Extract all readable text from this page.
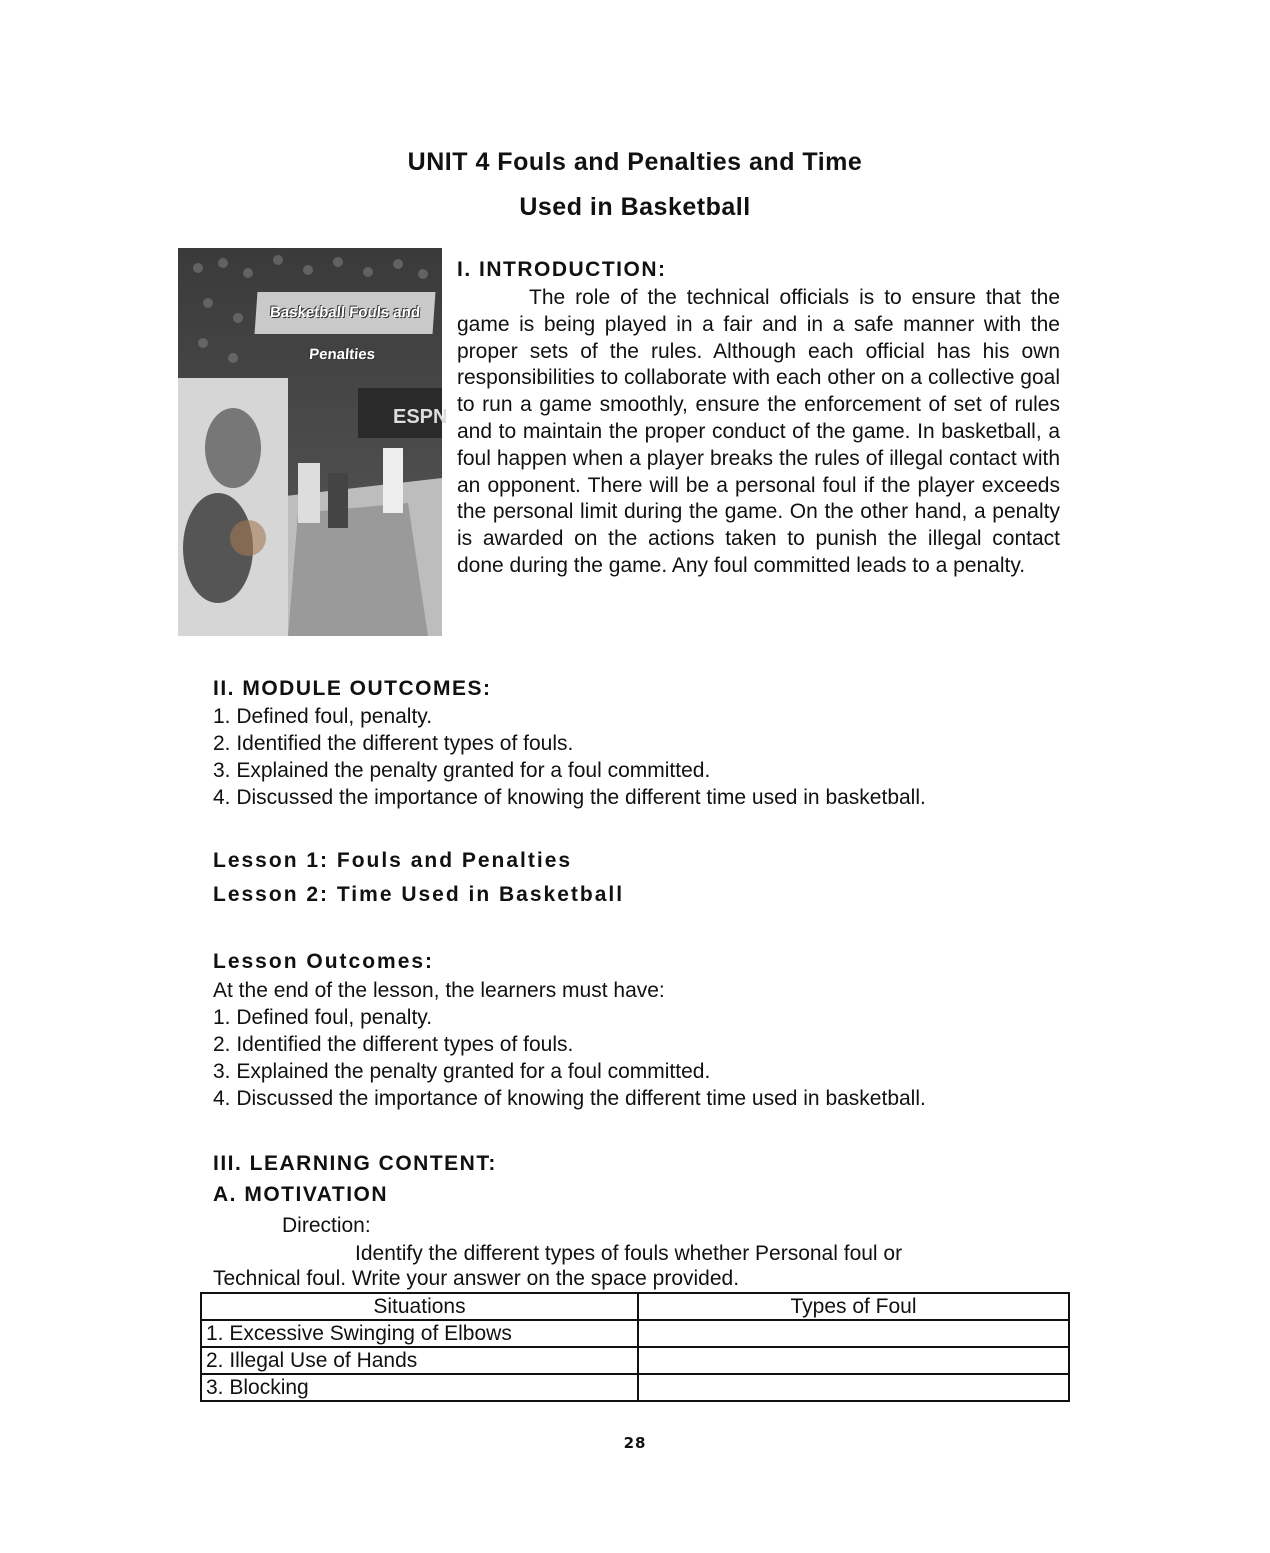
UNIT 4 Fouls and Penalties and Time
Used in Basketball
ESPN
Basketball Fouls and Penalties
I. INTRODUCTION:
The role of the technical officials is to ensure that the game is being played in a fair and in a safe manner with the proper sets of the rules. Although each official has his own responsibilities to collaborate with each other on a collective goal to run a game smoothly, ensure the enforcement of set of rules and to maintain the proper conduct of the game. In basketball, a foul happen when a player breaks the rules of illegal contact with an opponent. There will be a personal foul if the player exceeds the personal limit during the game. On the other hand, a penalty is awarded on the actions taken to punish the illegal contact done during the game. Any foul committed leads to a penalty.
II. MODULE OUTCOMES:
1. Defined foul, penalty.
2. Identified the different types of fouls.
3. Explained the penalty granted for a foul committed.
4. Discussed the importance of knowing the different time used in basketball.
Lesson 1: Fouls and Penalties
Lesson 2: Time Used in Basketball
Lesson Outcomes:
At the end of the lesson, the learners must have:
1. Defined foul, penalty.
2. Identified the different types of fouls.
3. Explained the penalty granted for a foul committed.
4. Discussed the importance of knowing the different time used in basketball.
III. LEARNING CONTENT:
A. MOTIVATION
Direction:
Identify the different types of fouls whether Personal foul or
Technical foul. Write your answer on the space provided.
Situations	Types of Foul
1. Excessive Swinging of Elbows	
2. Illegal Use of Hands	
3. Blocking	
28
